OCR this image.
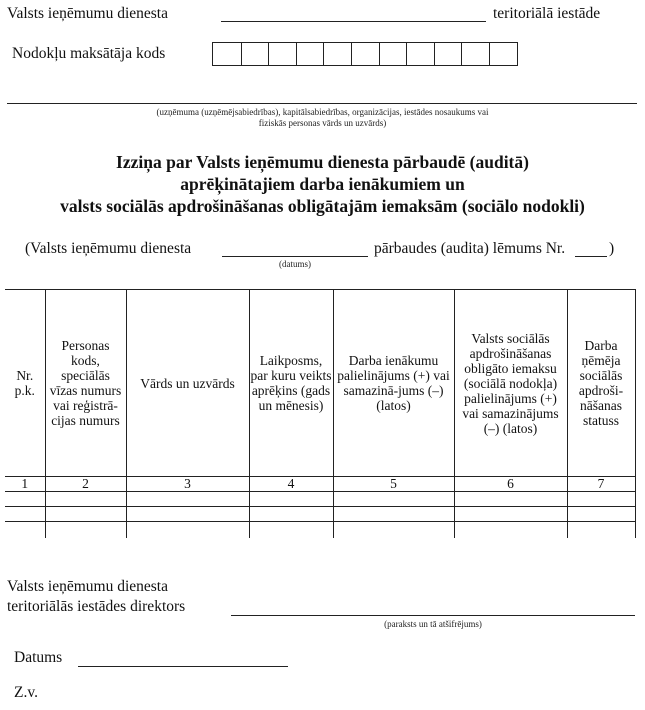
Valsts ieņēmumu dienesta	teritoriālā iestāde
Nodokļu maksātāja kods
(uzņēmuma (uzņēmējsabiedrības), kapitālsabiedrības, organizācijas, iestādes nosaukums vai
fiziskās personas vārds un uzvārds)
Izziņa par Valsts ieņēmumu dienesta pārbaudē (auditā)
aprēķinātajiem darba ienākumiem un
valsts sociālās apdrošināšanas obligātajām iemaksām (sociālo nodokli)
(Valsts ieņēmumu dienesta
(datums)
pārbaudes (audita) lēmums Nr.	)
Nr. p.k.	Personas kods, speciālās vīzas numurs vai reģistrā-cijas numurs	Vārds un uzvārds	Laikposms, par kuru veikts aprēķins (gads un mēnesis)	Darba ienākumu palielinājums (+) vai samazinā-jums (–) (latos)	Valsts sociālās apdrošināšanas obligāto iemaksu (sociālā nodokļa) palielinājums (+) vai samazinājums (–) (latos)	Darba ņēmēja sociālās apdroši-nāšanas statuss
1	2	3	4	5	6	7

Valsts ieņēmumu dienesta
teritoriālās iestādes direktors
(paraksts un tā atšifrējums)
Datums
Z.v.
